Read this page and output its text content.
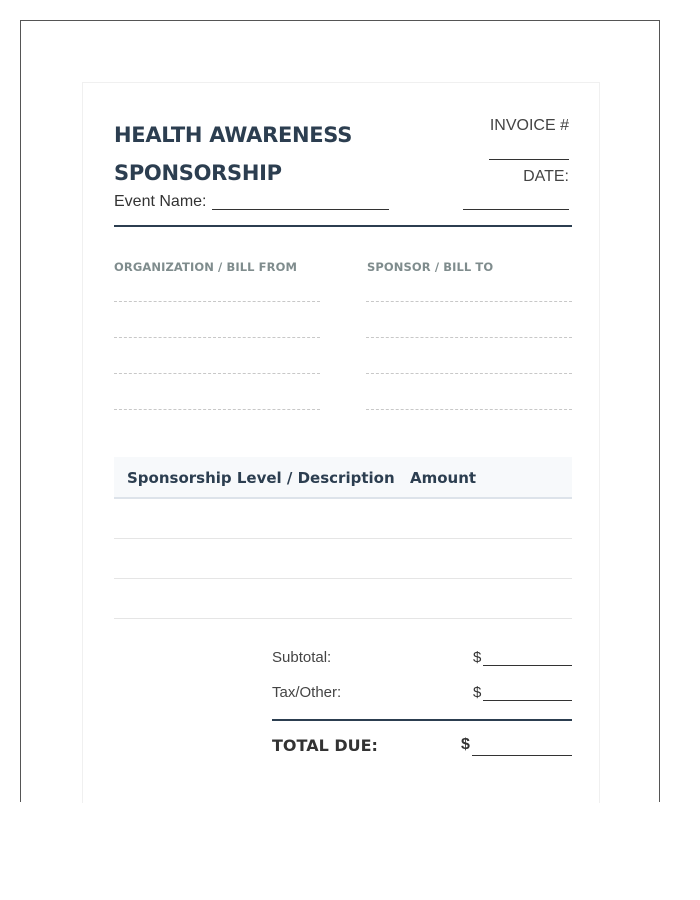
HEALTH AWARENESS
SPONSORSHIP
Event Name:
INVOICE #
DATE:
ORGANIZATION / BILL FROM	SPONSOR / BILL TO
Sponsorship Level / Description Amount
Subtotal:	$
Tax/Other:	$
TOTAL DUE:	$
